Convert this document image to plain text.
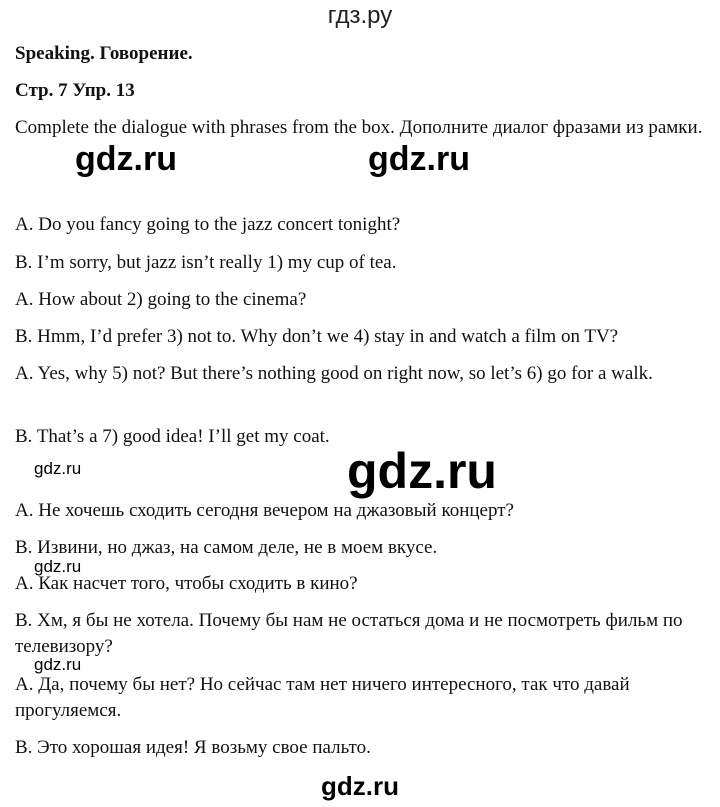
гдз.ру
Speaking. Говорение.
Стр. 7 Упр. 13
Complete the dialogue with phrases from the box. Дополните диалог фразами из рамки.
A. Do you fancy going to the jazz concert tonight?
B. I’m sorry, but jazz isn’t really 1) my cup of tea.
A. How about 2) going to the cinema?
B. Hmm, I’d prefer 3) not to. Why don’t we 4) stay in and watch a film on TV?
A. Yes, why 5) not? But there’s nothing good on right now, so let’s 6) go for a walk.
B. That’s a 7) good idea! I’ll get my coat.
А. Не хочешь сходить сегодня вечером на джазовый концерт?
В. Извини, но джаз, на самом деле, не в моем вкусе.
А. Как насчет того, чтобы сходить в кино?
В. Хм, я бы не хотела. Почему бы нам не остаться дома и не посмотреть фильм по телевизору?
А. Да, почему бы нет? Но сейчас там нет ничего интересного, так что давай прогуляемся.
В. Это хорошая идея! Я возьму свое пальто.
gdz.ru	gdz.ru
gdz.ru	gdz.ru
gdz.ru
gdz.ru
gdz.ru
